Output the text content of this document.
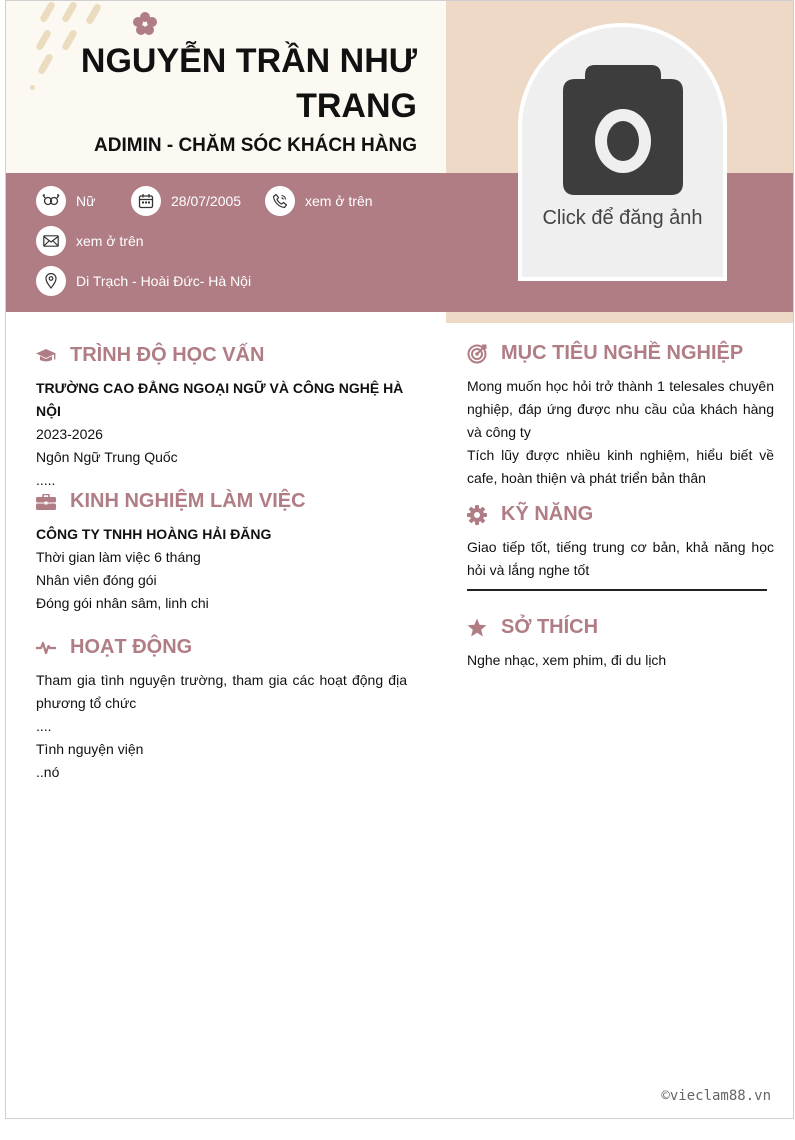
NGUYỄN TRẦN NHƯ TRANG
ADIMIN - CHĂM SÓC KHÁCH HÀNG
Nữ	28/07/2005	xem ở trên
xem ở trên
Di Trạch - Hoài Đức- Hà Nội
Click để đăng ảnh
TRÌNH ĐỘ HỌC VẤN
TRƯỜNG CAO ĐẲNG NGOẠI NGỮ VÀ CÔNG NGHỆ HÀ NỘI
2023-2026
Ngôn Ngữ Trung Quốc
.....
KINH NGHIỆM LÀM VIỆC
CÔNG TY TNHH HOÀNG HẢI ĐĂNG
Thời gian làm việc 6 tháng
Nhân viên đóng gói
Đóng gói nhân sâm, linh chi
HOẠT ĐỘNG
Tham gia tình nguyện trường, tham gia các hoạt động địa phương tổ chức
....
Tình nguyện viện
..nó
MỤC TIÊU NGHỀ NGHIỆP
Mong muốn học hỏi trở thành 1 telesales chuyên nghiệp, đáp ứng được nhu cầu của khách hàng và công ty
Tích lũy được nhiều kinh nghiệm, hiểu biết về cafe, hoàn thiện và phát triển bản thân
KỸ NĂNG
Giao tiếp tốt, tiếng trung cơ bản, khả năng học hỏi và lắng nghe tốt
SỞ THÍCH
Nghe nhạc, xem phim, đi du lịch
©vieclam88.vn
